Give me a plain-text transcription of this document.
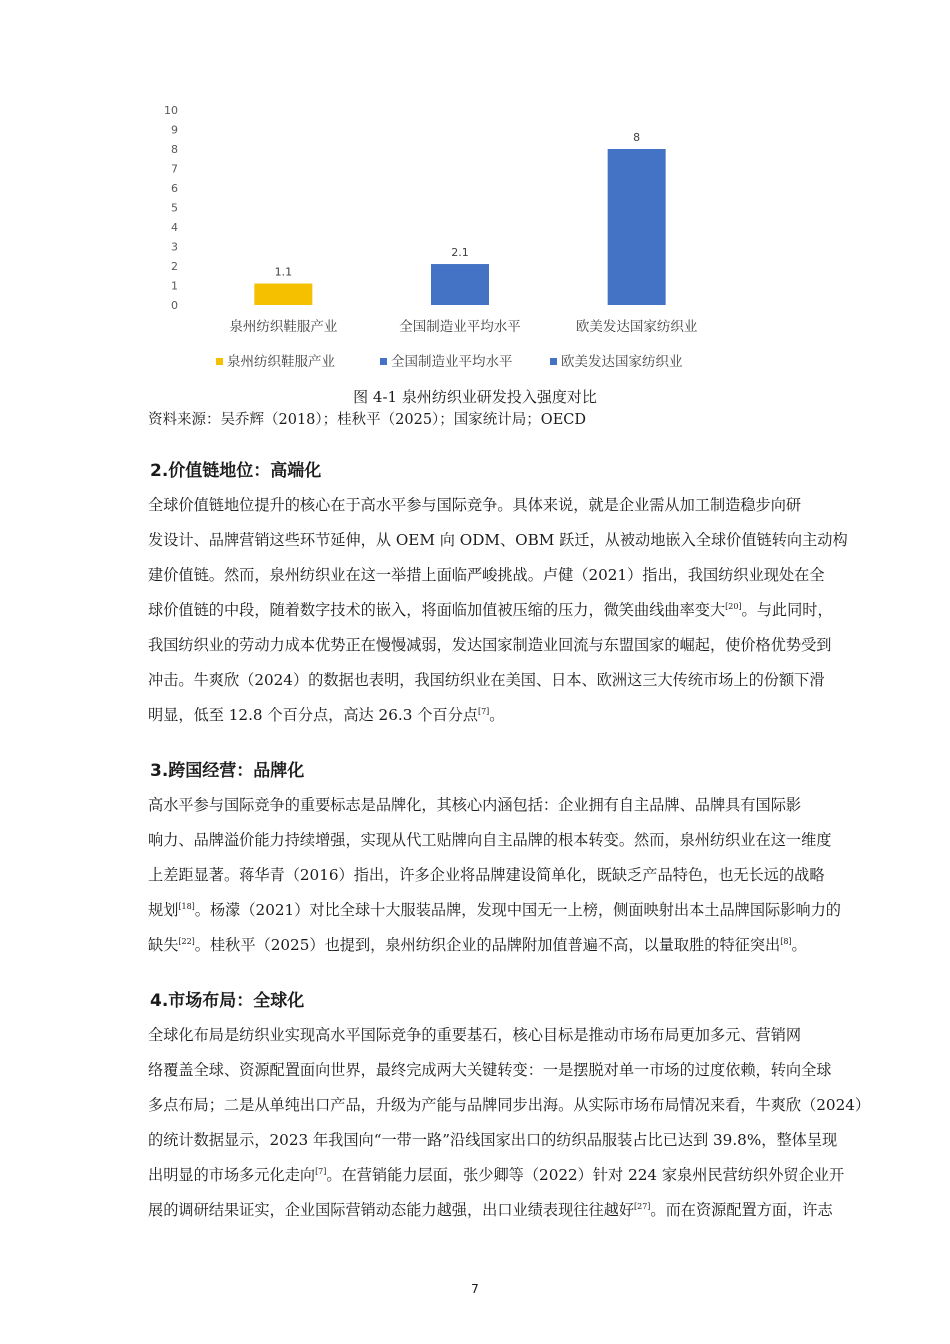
0
1
2
3
4
5
6
7
8
9
10
1.1
泉州纺织鞋服产业
2.1
全国制造业平均水平
8
欧美发达国家纺织业
泉州纺织鞋服产业	全国制造业平均水平	欧美发达国家纺织业
图 4-1 泉州纺织业研发投入强度对比
资料来源：吴乔辉（2018）；桂秋平（2025）；国家统计局；OECD
2.价值链地位：高端化
全球价值链地位提升的核心在于高水平参与国际竞争。具体来说，就是企业需从加工制造稳步向研
发设计、品牌营销这些环节延伸，从 OEM 向 ODM、OBM 跃迁，从被动地嵌入全球价值链转向主动构
建价值链。然而，泉州纺织业在这一举措上面临严峻挑战。卢健（2021）指出，我国纺织业现处在全
球价值链的中段，随着数字技术的嵌入，将面临加值被压缩的压力，微笑曲线曲率变大[20]。与此同时，
我国纺织业的劳动力成本优势正在慢慢减弱，发达国家制造业回流与东盟国家的崛起，使价格优势受到
冲击。牛爽欣（2024）的数据也表明，我国纺织业在美国、日本、欧洲这三大传统市场上的份额下滑
明显，低至 12.8 个百分点，高达 26.3 个百分点[7]。
3.跨国经营：品牌化
高水平参与国际竞争的重要标志是品牌化，其核心内涵包括：企业拥有自主品牌、品牌具有国际影
响力、品牌溢价能力持续增强，实现从代工贴牌向自主品牌的根本转变。然而，泉州纺织业在这一维度
上差距显著。蒋华青（2016）指出，许多企业将品牌建设简单化，既缺乏产品特色，也无长远的战略
规划[18]。杨濛（2021）对比全球十大服装品牌，发现中国无一上榜，侧面映射出本土品牌国际影响力的
缺失[22]。桂秋平（2025）也提到，泉州纺织企业的品牌附加值普遍不高，以量取胜的特征突出[8]。
4.市场布局：全球化
全球化布局是纺织业实现高水平国际竞争的重要基石，核心目标是推动市场布局更加多元、营销网
络覆盖全球、资源配置面向世界，最终完成两大关键转变：一是摆脱对单一市场的过度依赖，转向全球
多点布局；二是从单纯出口产品，升级为产能与品牌同步出海。从实际市场布局情况来看，牛爽欣（2024）
的统计数据显示，2023 年我国向“一带一路”沿线国家出口的纺织品服装占比已达到 39.8%，整体呈现
出明显的市场多元化走向[7]。在营销能力层面，张少卿等（2022）针对 224 家泉州民营纺织外贸企业开
展的调研结果证实，企业国际营销动态能力越强，出口业绩表现往往越好[27]。而在资源配置方面，许志
7
